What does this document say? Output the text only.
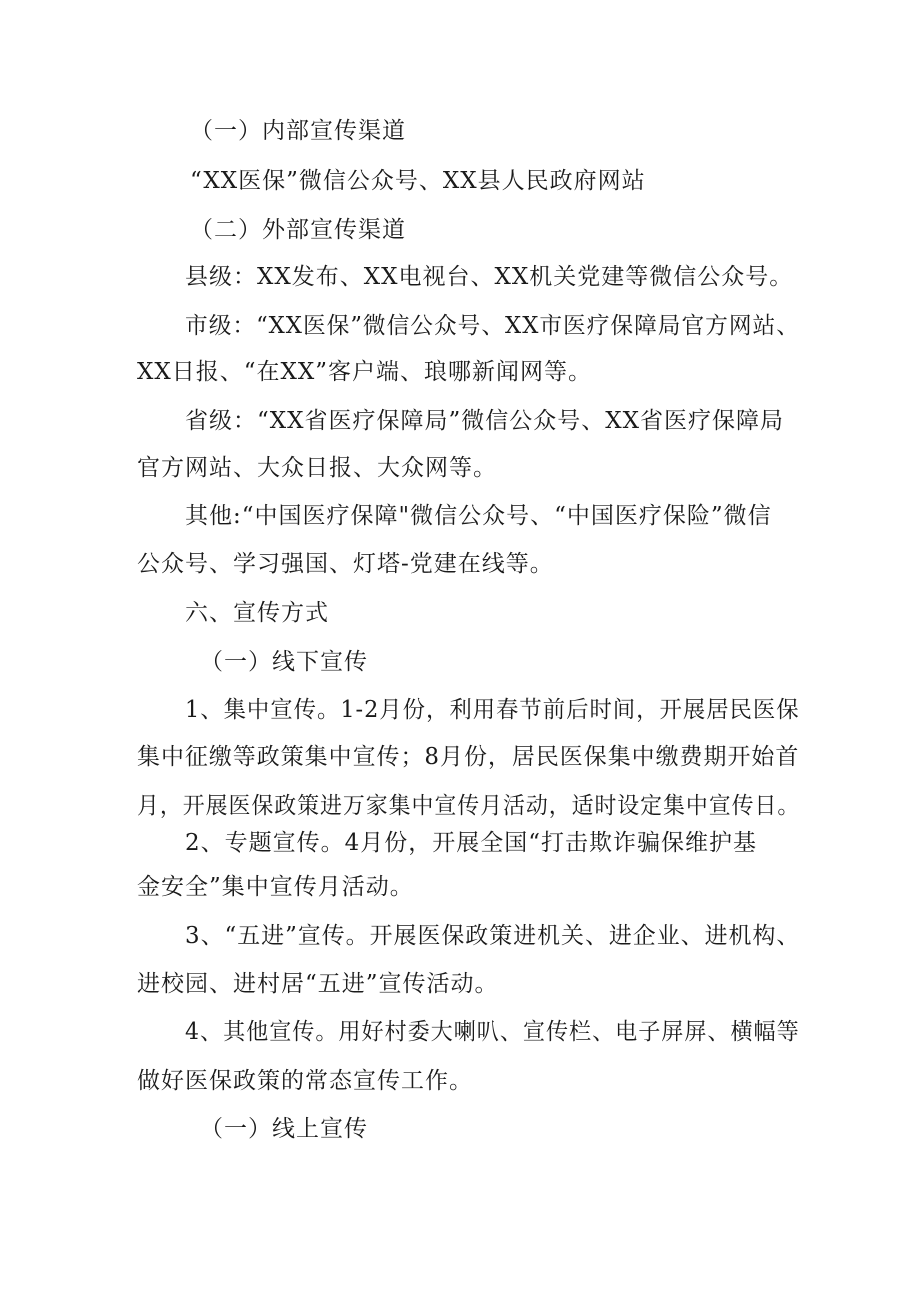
（一）内部宣传渠道
“XX医保”微信公众号、XX县人民政府网站
（二）外部宣传渠道
县级：XX发布、XX电视台、XX机关党建等微信公众号。
市级：“XX医保”微信公众号、XX市医疗保障局官方网站、
XX日报、“在XX”客户端、琅哪新闻网等。
省级：“XX省医疗保障局”微信公众号、XX省医疗保障局
官方网站、大众日报、大众网等。
其他:“中国医疗保障"微信公众号、“中国医疗保险”微信
公众号、学习强国、灯塔-党建在线等。
六、宣传方式
（一）线下宣传
1、集中宣传。1-2月份，利用春节前后时间，开展居民医保
集中征缴等政策集中宣传；8月份，居民医保集中缴费期开始首
月，开展医保政策进万家集中宣传月活动，适时设定集中宣传日。
2、专题宣传。4月份，开展全国“打击欺诈骗保维护基
金安全”集中宣传月活动。
3、“五进”宣传。开展医保政策进机关、进企业、进机构、
进校园、进村居“五进”宣传活动。
4、其他宣传。用好村委大喇叭、宣传栏、电子屏屏、横幅等
做好医保政策的常态宣传工作。
（一）线上宣传
